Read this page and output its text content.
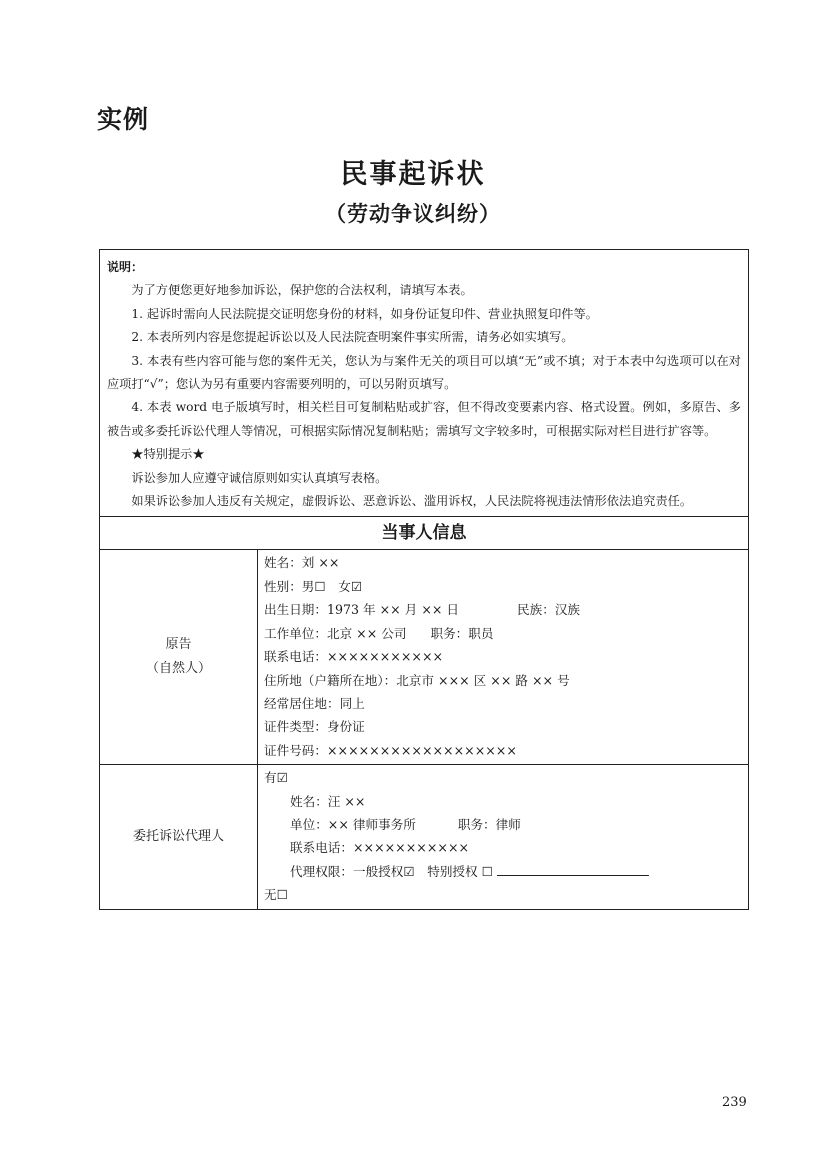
实例
民事起诉状
（劳动争议纠纷）

说明：

为了方便您更好地参加诉讼，保护您的合法权利，请填写本表。

1. 起诉时需向人民法院提交证明您身份的材料，如身份证复印件、营业执照复印件等。

2. 本表所列内容是您提起诉讼以及人民法院查明案件事实所需，请务必如实填写。

3. 本表有些内容可能与您的案件无关，您认为与案件无关的项目可以填“无”或不填；对于本表中勾选项可以在对应项打“√”；您认为另有重要内容需要列明的，可以另附页填写。

4. 本表 word 电子版填写时，相关栏目可复制粘贴或扩容，但不得改变要素内容、格式设置。例如，多原告、多被告或多委托诉讼代理人等情况，可根据实际情况复制粘贴；需填写文字较多时，可根据实际对栏目进行扩容等。

★特别提示★

诉讼参加人应遵守诚信原则如实认真填写表格。

如果诉讼参加人违反有关规定，虚假诉讼、恶意诉讼、滥用诉权，人民法院将视违法情形依法追究责任。

当事人信息
原告
（自然人）
姓名：刘 ××
性别：男☐　女☑
出生日期：1973 年 ×× 月 ×× 日	民族：汉族
工作单位：北京 ×× 公司 职务：职员
联系电话：×××××××××××
住所地（户籍所在地）：北京市 ××× 区 ×× 路 ×× 号
经常居住地：同上
证件类型：身份证
证件号码：××××××××××××××××××
委托诉讼代理人
有☑
姓名：汪 ××
单位：×× 律师事务所	职务：律师
联系电话：×××××××××××
代理权限：一般授权☑　特别授权 ☐
无☐
239
